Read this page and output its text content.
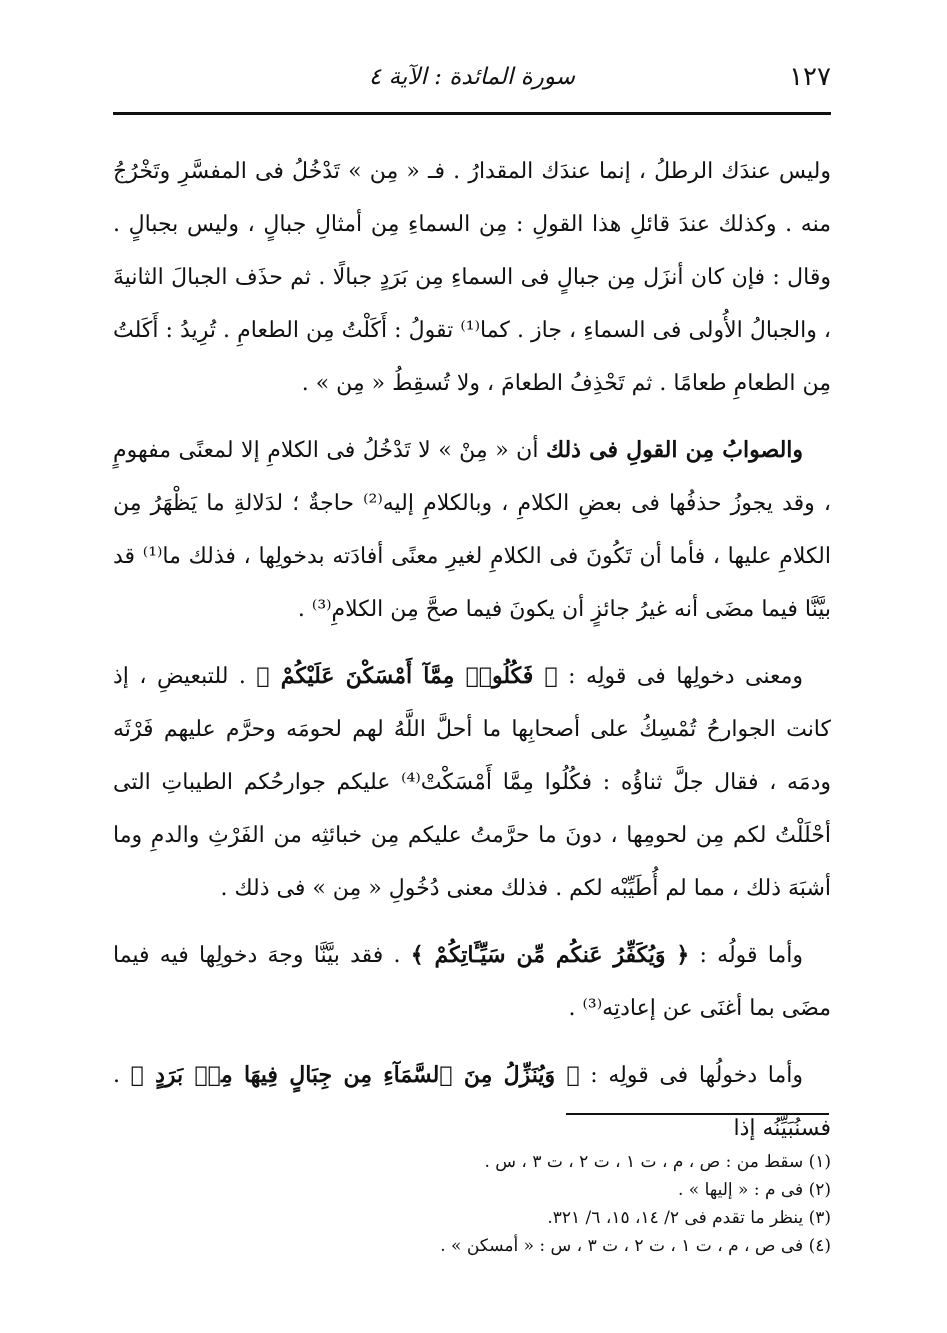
١٢٧
سورة المائدة : الآية ٤

وليس عندَك الرطلُ ، إنما عندَك المقدارُ . فـ « مِن » تَدْخُلُ فى المفسَّرِ وتَخْرُجُ منه . وكذلك عندَ قائلِ هذا القولِ : مِن السماءِ مِن أمثالِ جبالٍ ، وليس بجبالٍ . وقال : فإن كان أنزَل مِن جبالٍ فى السماءِ مِن بَرَدٍ جبالًا . ثم حذَف الجبالَ الثانيةَ ، والجبالُ الأُولى فى السماءِ ، جاز . كما⁽¹⁾ تقولُ : أَكَلْتُ مِن الطعامِ . تُرِيدُ : أَكَلتُ مِن الطعامِ طعامًا . ثم تَحْذِفُ الطعامَ ، ولا تُسقِطُ « مِن » .

والصوابُ مِن القولِ فى ذلك أن « مِنْ » لا تَدْخُلُ فى الكلامِ إلا لمعنًى مفهومٍ ، وقد يجوزُ حذفُها فى بعضِ الكلامِ ، وبالكلامِ إليه⁽²⁾ حاجةٌ ؛ لدَلالةِ ما يَظْهَرُ مِن الكلامِ عليها ، فأما أن تَكُونَ فى الكلامِ لغيرِ معنًى أفادَته بدخولِها ، فذلك ما⁽¹⁾ قد بيَّنَّا فيما مضَى أنه غيرُ جائزٍ أن يكونَ فيما صحَّ مِن الكلامِ⁽³⁾ .

ومعنى دخولِها فى قولِه : ﴿ فَكُلُوا۟ مِمَّآ أَمْسَكْنَ عَلَيْكُمْ ﴾ . للتبعيضِ ، إذ كانت الجوارحُ تُمْسِكُ على أصحابِها ما أحلَّ اللَّهُ لهم لحومَه وحرَّم عليهم فَرْثَه ودمَه ، فقال جلَّ ثناؤُه : فكُلُوا مِمَّا أَمْسَكْتْ⁽⁴⁾ عليكم جوارحُكم الطيباتِ التى أحْلَلْتُ لكم مِن لحومِها ، دونَ ما حرَّمتُ عليكم مِن خبائثِه من الفَرْثِ والدمِ وما أشبَهَ ذلك ، مما لم أُطَيِّبْه لكم . فذلك معنى دُخُولِ « مِن » فى ذلك .

وأما قولُه : ﴿ وَيُكَفِّرُ عَنكُم مِّن سَيِّـَٔاتِكُمْ ﴾ . فقد بيَّنَّا وجهَ دخولِها فيه فيما مضَى بما أغنَى عن إعادتِه⁽³⁾ .

وأما دخولُها فى قولِه : ﴿ وَيُنَزِّلُ مِنَ ٱلسَّمَآءِ مِن جِبَالٍ فِيهَا مِنۢ بَرَدٍ ﴾ . فسنُبَيِّنُه إذا

(١) سقط من : ص ، م ، ت ١ ، ت ٢ ، ت ٣ ، س .

(٢) فى م : « إليها » .

(٣) ينظر ما تقدم فى ٢/ ١٤، ١٥، ٦/ ٣٢١.

(٤) فى ص ، م ، ت ١ ، ت ٢ ، ت ٣ ، س : « أمسكن » .
